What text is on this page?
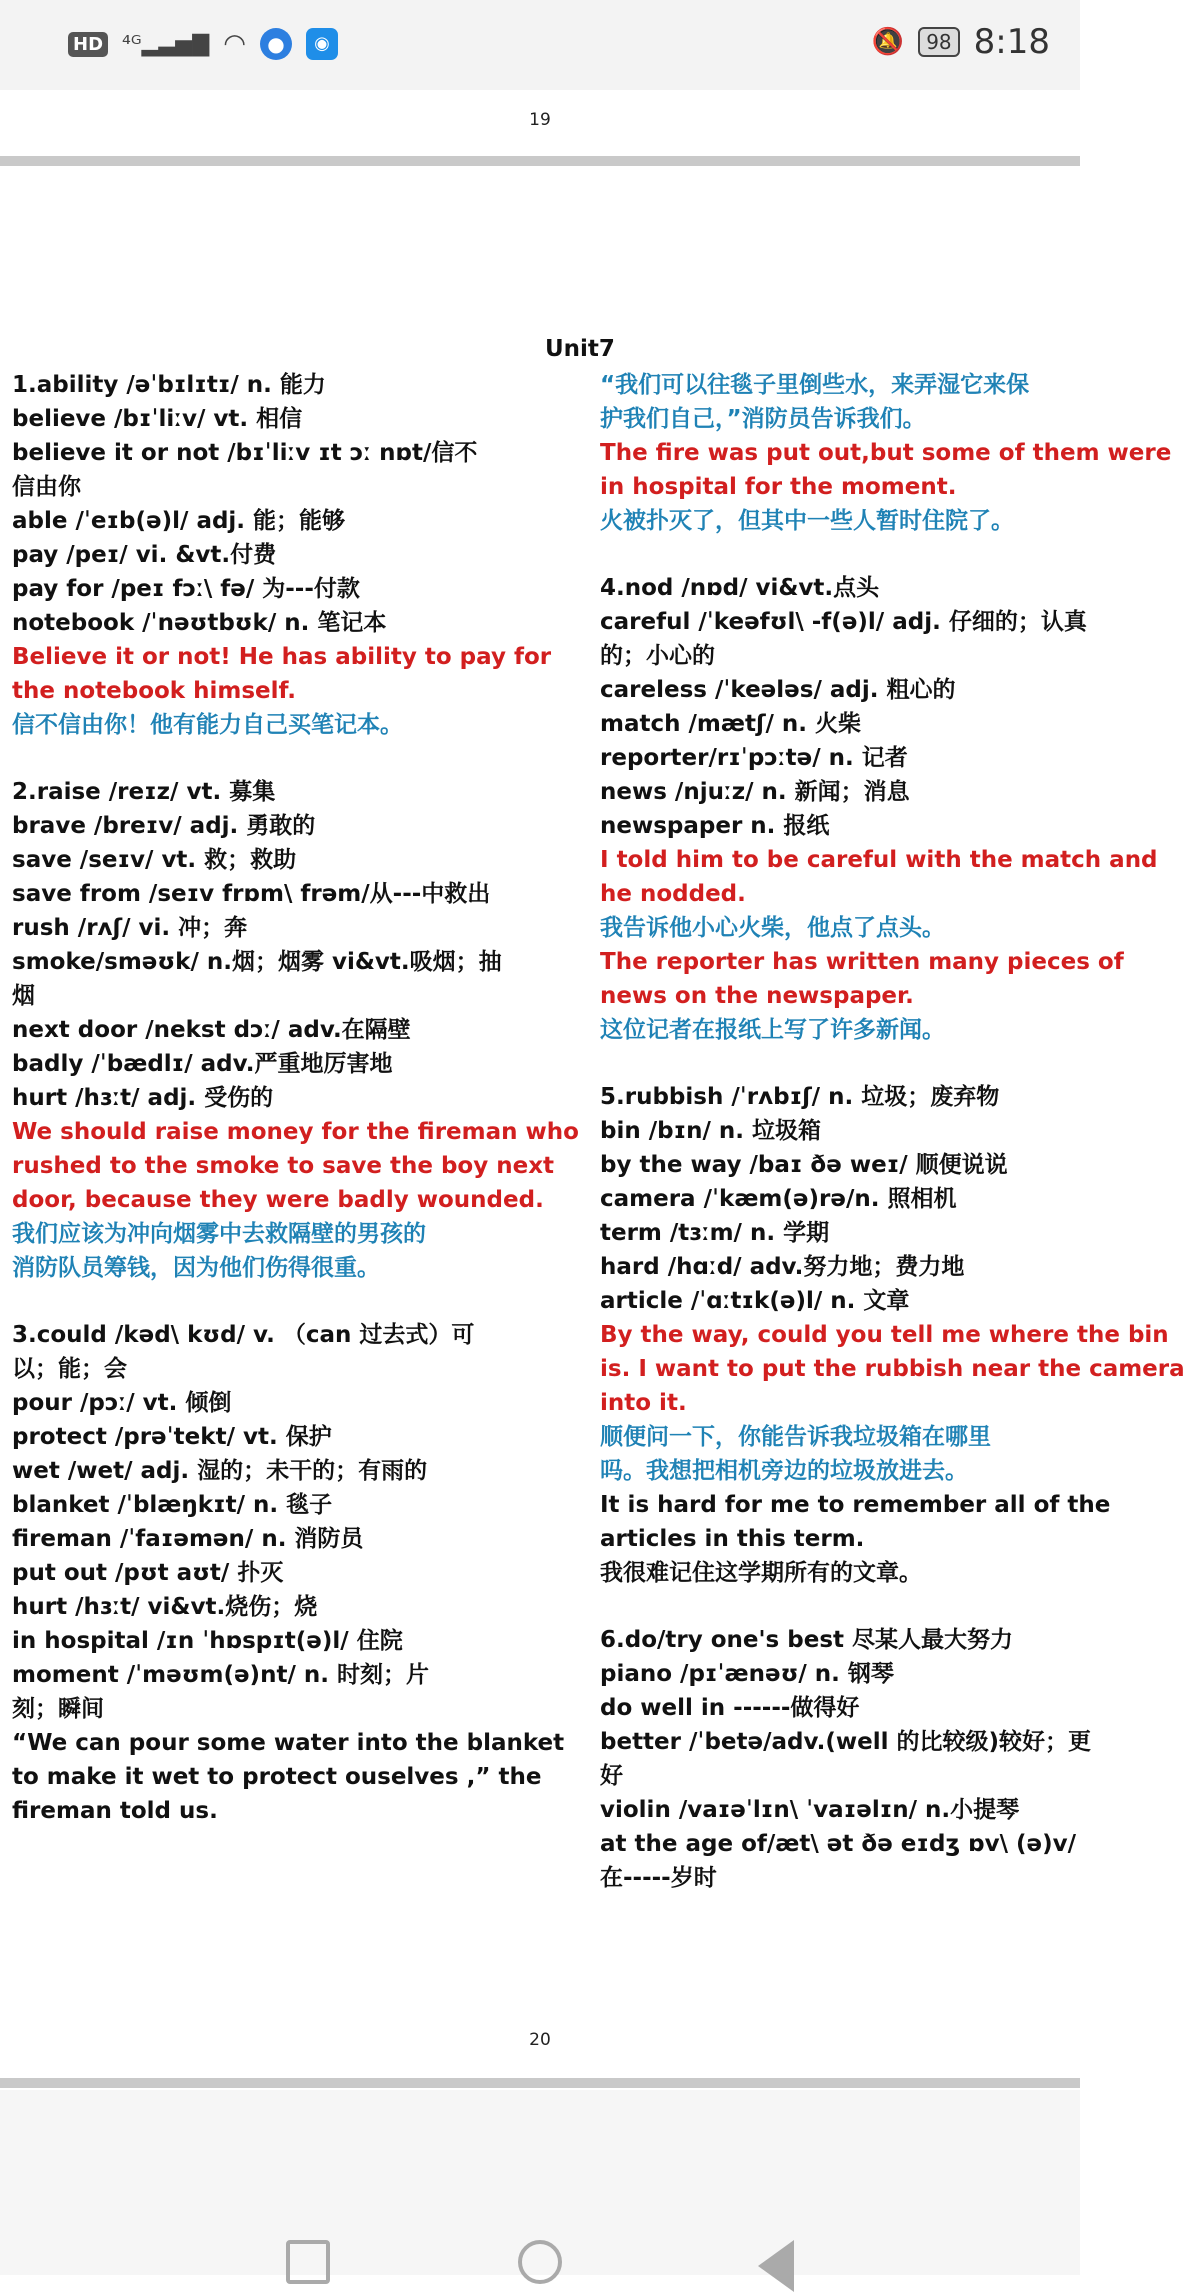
HD ⁴ᴳ▂▃▅▇ ◠	●	◉	🔕	98 8:18
19
Unit7
1.ability /əˈbɪlɪtɪ/ n. 能力
believe /bɪˈliːv/ vt. 相信
believe it or not /bɪˈliːv ɪt ɔː nɒt/信不
信由你
able /ˈeɪb(ə)l/ adj. 能；能够
pay /peɪ/ vi. &vt.付费
pay for /peɪ fɔː\ fə/ 为---付款
notebook /ˈnəʊtbʊk/ n. 笔记本
Believe it or not! He has ability to pay for
the notebook himself.
信不信由你！他有能力自己买笔记本。
2.raise /reɪz/ vt. 募集
brave /breɪv/ adj. 勇敢的
save /seɪv/ vt. 救；救助
save from /seɪv frɒm\ frəm/从---中救出
rush /rʌʃ/ vi. 冲；奔
smoke/sməʊk/ n.烟；烟雾 vi&vt.吸烟；抽
烟
next door /nekst dɔː/ adv.在隔壁
badly /ˈbædlɪ/ adv.严重地厉害地
hurt /hɜːt/ adj. 受伤的
We should raise money for the fireman who
rushed to the smoke to save the boy next
door, because they were badly wounded.
我们应该为冲向烟雾中去救隔壁的男孩的
消防队员筹钱，因为他们伤得很重。
3.could /kəd\ kʊd/ v. （can 过去式）可
以；能；会
pour /pɔː/ vt. 倾倒
protect /prəˈtekt/ vt. 保护
wet /wet/ adj. 湿的；未干的；有雨的
blanket /ˈblæŋkɪt/ n. 毯子
fireman /ˈfaɪəmən/ n. 消防员
put out /pʊt aʊt/ 扑灭
hurt /hɜːt/ vi&vt.烧伤；烧
in hospital /ɪn ˈhɒspɪt(ə)l/ 住院
moment /ˈməʊm(ə)nt/ n. 时刻；片
刻；瞬间
“We can pour some water into the blanket
to make it wet to protect ouselves ,” the
fireman told us.
“我们可以往毯子里倒些水，来弄湿它来保
护我们自己，”消防员告诉我们。
The fire was put out,but some of them were
in hospital for the moment.
火被扑灭了，但其中一些人暂时住院了。
4.nod /nɒd/ vi&vt.点头
careful /ˈkeəfʊl\ -f(ə)l/ adj. 仔细的；认真
的；小心的
careless /ˈkeələs/ adj. 粗心的
match /mætʃ/ n. 火柴
reporter/rɪˈpɔːtə/ n. 记者
news /njuːz/ n. 新闻；消息
newspaper n. 报纸
I told him to be careful with the match and
he nodded.
我告诉他小心火柴，他点了点头。
The reporter has written many pieces of
news on the newspaper.
这位记者在报纸上写了许多新闻。
5.rubbish /ˈrʌbɪʃ/ n. 垃圾；废弃物
bin /bɪn/ n. 垃圾箱
by the way /baɪ ðə weɪ/ 顺便说说
camera /ˈkæm(ə)rə/n. 照相机
term /tɜːm/ n. 学期
hard /hɑːd/ adv.努力地；费力地
article /ˈɑːtɪk(ə)l/ n. 文章
By the way, could you tell me where the bin
is. I want to put the rubbish near the camera
into it.
顺便问一下，你能告诉我垃圾箱在哪里
吗。我想把相机旁边的垃圾放进去。
It is hard for me to remember all of the
articles in this term.
我很难记住这学期所有的文章。
6.do/try one's best 尽某人最大努力
piano /pɪˈænəʊ/ n. 钢琴
do well in ------做得好
better /ˈbetə/adv.(well 的比较级)较好；更
好
violin /vaɪəˈlɪn\ ˈvaɪəlɪn/ n.小提琴
at the age of/æt\ ət ðə eɪdʒ ɒv\ (ə)v/
在-----岁时
20
